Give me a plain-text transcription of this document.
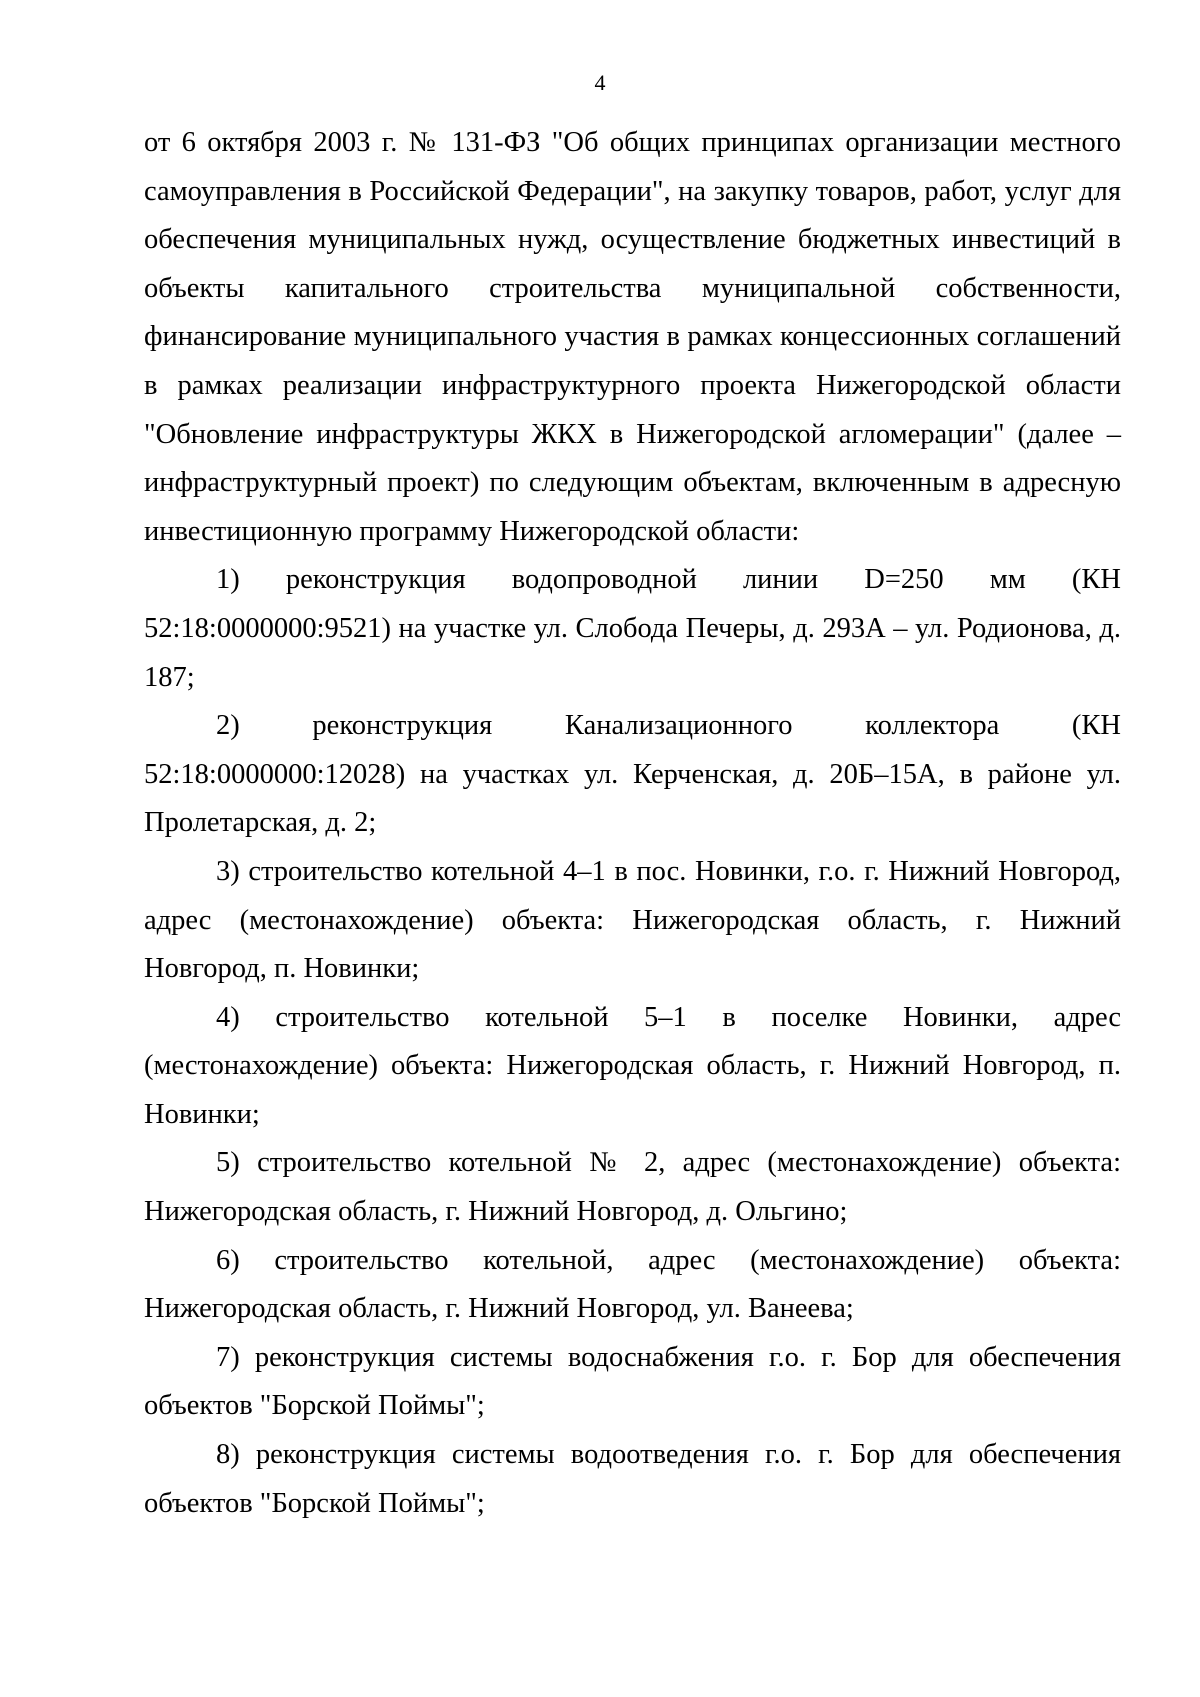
4

от 6 октября 2003 г. № 131-ФЗ "Об общих принципах организации местного самоуправления в Российской Федерации", на закупку товаров, работ, услуг для обеспечения муниципальных нужд, осуществление бюджетных инвестиций в объекты капитального строительства муниципальной собственности, финансирование муниципального участия в рамках концессионных соглашений в рамках реализации инфраструктурного проекта Нижегородской области "Обновление инфраструктуры ЖКХ в Нижегородской агломерации" (далее – инфраструктурный проект) по следующим объектам, включенным в адресную инвестиционную программу Нижегородской области:

1) реконструкция водопроводной линии D=250 мм (КН 52:18:0000000:9521) на участке ул. Слобода Печеры, д. 293А – ул. Родионова, д. 187;

2) реконструкция Канализационного коллектора (КН 52:18:0000000:12028) на участках ул. Керченская, д. 20Б–15А, в районе ул. Пролетарская, д. 2;

3) строительство котельной 4–1 в пос. Новинки, г.о. г. Нижний Новгород, адрес (местонахождение) объекта: Нижегородская область, г. Нижний Новгород, п. Новинки;

4) строительство котельной 5–1 в поселке Новинки, адрес (местонахождение) объекта: Нижегородская область, г. Нижний Новгород, п. Новинки;

5) строительство котельной № 2, адрес (местонахождение) объекта: Нижегородская область, г. Нижний Новгород, д. Ольгино;

6) строительство котельной, адрес (местонахождение) объекта: Нижегородская область, г. Нижний Новгород, ул. Ванеева;

7) реконструкция системы водоснабжения г.о. г. Бор для обеспечения объектов "Борской Поймы";

8) реконструкция системы водоотведения г.о. г. Бор для обеспечения объектов "Борской Поймы";
